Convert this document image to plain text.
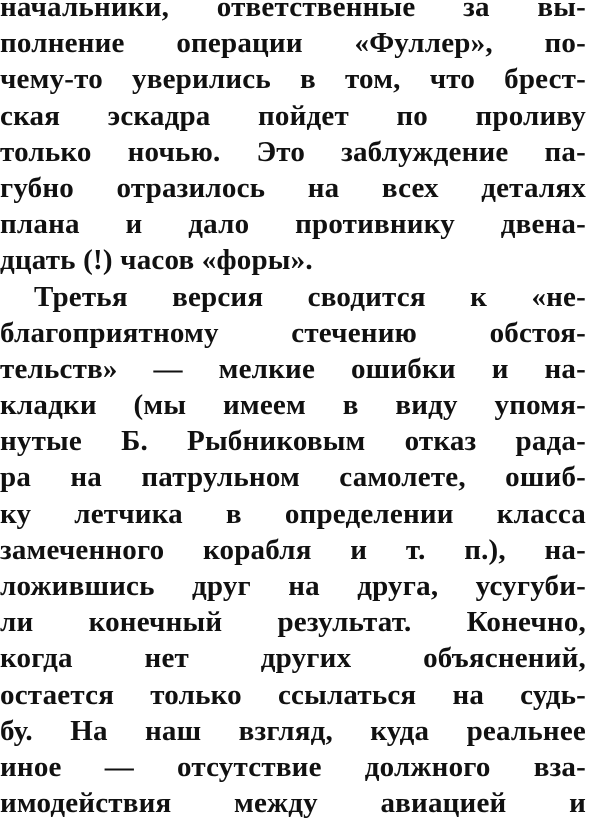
начальники, ответственные за вы-
полнение операции «Фуллер», по-
чему-то уверились в том, что брест-
ская эскадра пойдет по проливу
только ночью. Это заблуждение па-
губно отразилось на всех деталях
плана и дало противнику двена-
дцать (!) часов «форы».
Третья версия сводится к «не-
благоприятному стечению обстоя-
тельств» — мелкие ошибки и на-
кладки (мы имеем в виду упомя-
нутые Б. Рыбниковым отказ рада-
ра на патрульном самолете, ошиб-
ку летчика в определении класса
замеченного корабля и т. п.), на-
ложившись друг на друга, усугуби-
ли конечный результат. Конечно,
когда нет других объяснений,
остается только ссылаться на судь-
бу. На наш взгляд, куда реальнее
иное — отсутствие должного вза-
имодействия между авиацией и
